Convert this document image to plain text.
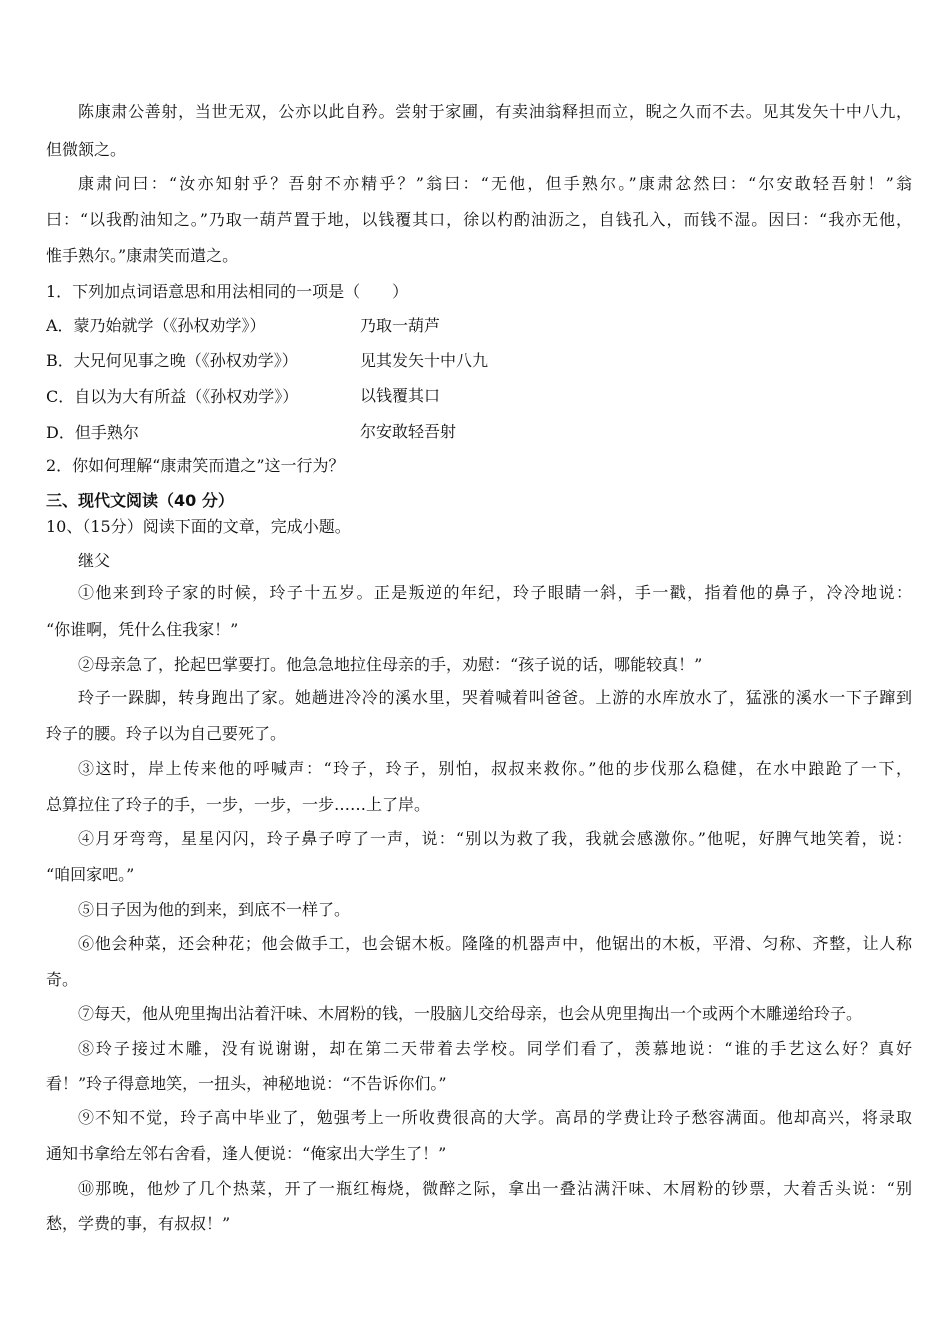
陈康肃公善射，当世无双，公亦以此自矜。尝射于家圃，有卖油翁释担而立，睨之久而不去。见其发矢十中八九，
但微颔之。
康肃问曰：“汝亦知射乎？吾射不亦精乎？”翁曰：“无他，但手熟尔。”康肃忿然曰：“尔安敢轻吾射！”翁
曰：“以我酌油知之。”乃取一葫芦置于地，以钱覆其口，徐以杓酌油沥之，自钱孔入，而钱不湿。因曰：“我亦无他，
惟手熟尔。”康肃笑而遣之。
1．下列加点词语意思和用法相同的一项是（　　）
A．蒙乃始就学（《孙权劝学》）	乃取一葫芦
B．大兄何见事之晚（《孙权劝学》）	见其发矢十中八九
C．自以为大有所益（《孙权劝学》）	以钱覆其口
D．但手熟尔	尔安敢轻吾射
2．你如何理解“康肃笑而遣之”这一行为？
三、现代文阅读（40 分）
10、（15分）阅读下面的文章，完成小题。
继父
①他来到玲子家的时候，玲子十五岁。正是叛逆的年纪，玲子眼睛一斜，手一戳，指着他的鼻子，冷冷地说：
“你谁啊，凭什么住我家！”
②母亲急了，抡起巴掌要打。他急急地拉住母亲的手，劝慰：“孩子说的话，哪能较真！”
玲子一跺脚，转身跑出了家。她趟进冷冷的溪水里，哭着喊着叫爸爸。上游的水库放水了，猛涨的溪水一下子蹿到
玲子的腰。玲子以为自己要死了。
③这时，岸上传来他的呼喊声：“玲子，玲子，别怕，叔叔来救你。”他的步伐那么稳健，在水中踉跄了一下，
总算拉住了玲子的手，一步，一步，一步……上了岸。
④月牙弯弯，星星闪闪，玲子鼻子哼了一声，说：“别以为救了我，我就会感激你。”他呢，好脾气地笑着，说：
“咱回家吧。”
⑤日子因为他的到来，到底不一样了。
⑥他会种菜，还会种花；他会做手工，也会锯木板。隆隆的机器声中，他锯出的木板，平滑、匀称、齐整，让人称
奇。
⑦每天，他从兜里掏出沾着汗味、木屑粉的钱，一股脑儿交给母亲，也会从兜里掏出一个或两个木雕递给玲子。
⑧玲子接过木雕，没有说谢谢，却在第二天带着去学校。同学们看了，羡慕地说：“谁的手艺这么好？真好
看！”玲子得意地笑，一扭头，神秘地说：“不告诉你们。”
⑨不知不觉，玲子高中毕业了，勉强考上一所收费很高的大学。高昂的学费让玲子愁容满面。他却高兴，将录取
通知书拿给左邻右舍看，逢人便说：“俺家出大学生了！”
⑩那晚，他炒了几个热菜，开了一瓶红梅烧，微醉之际，拿出一叠沾满汗味、木屑粉的钞票，大着舌头说：“别
愁，学费的事，有叔叔！”
